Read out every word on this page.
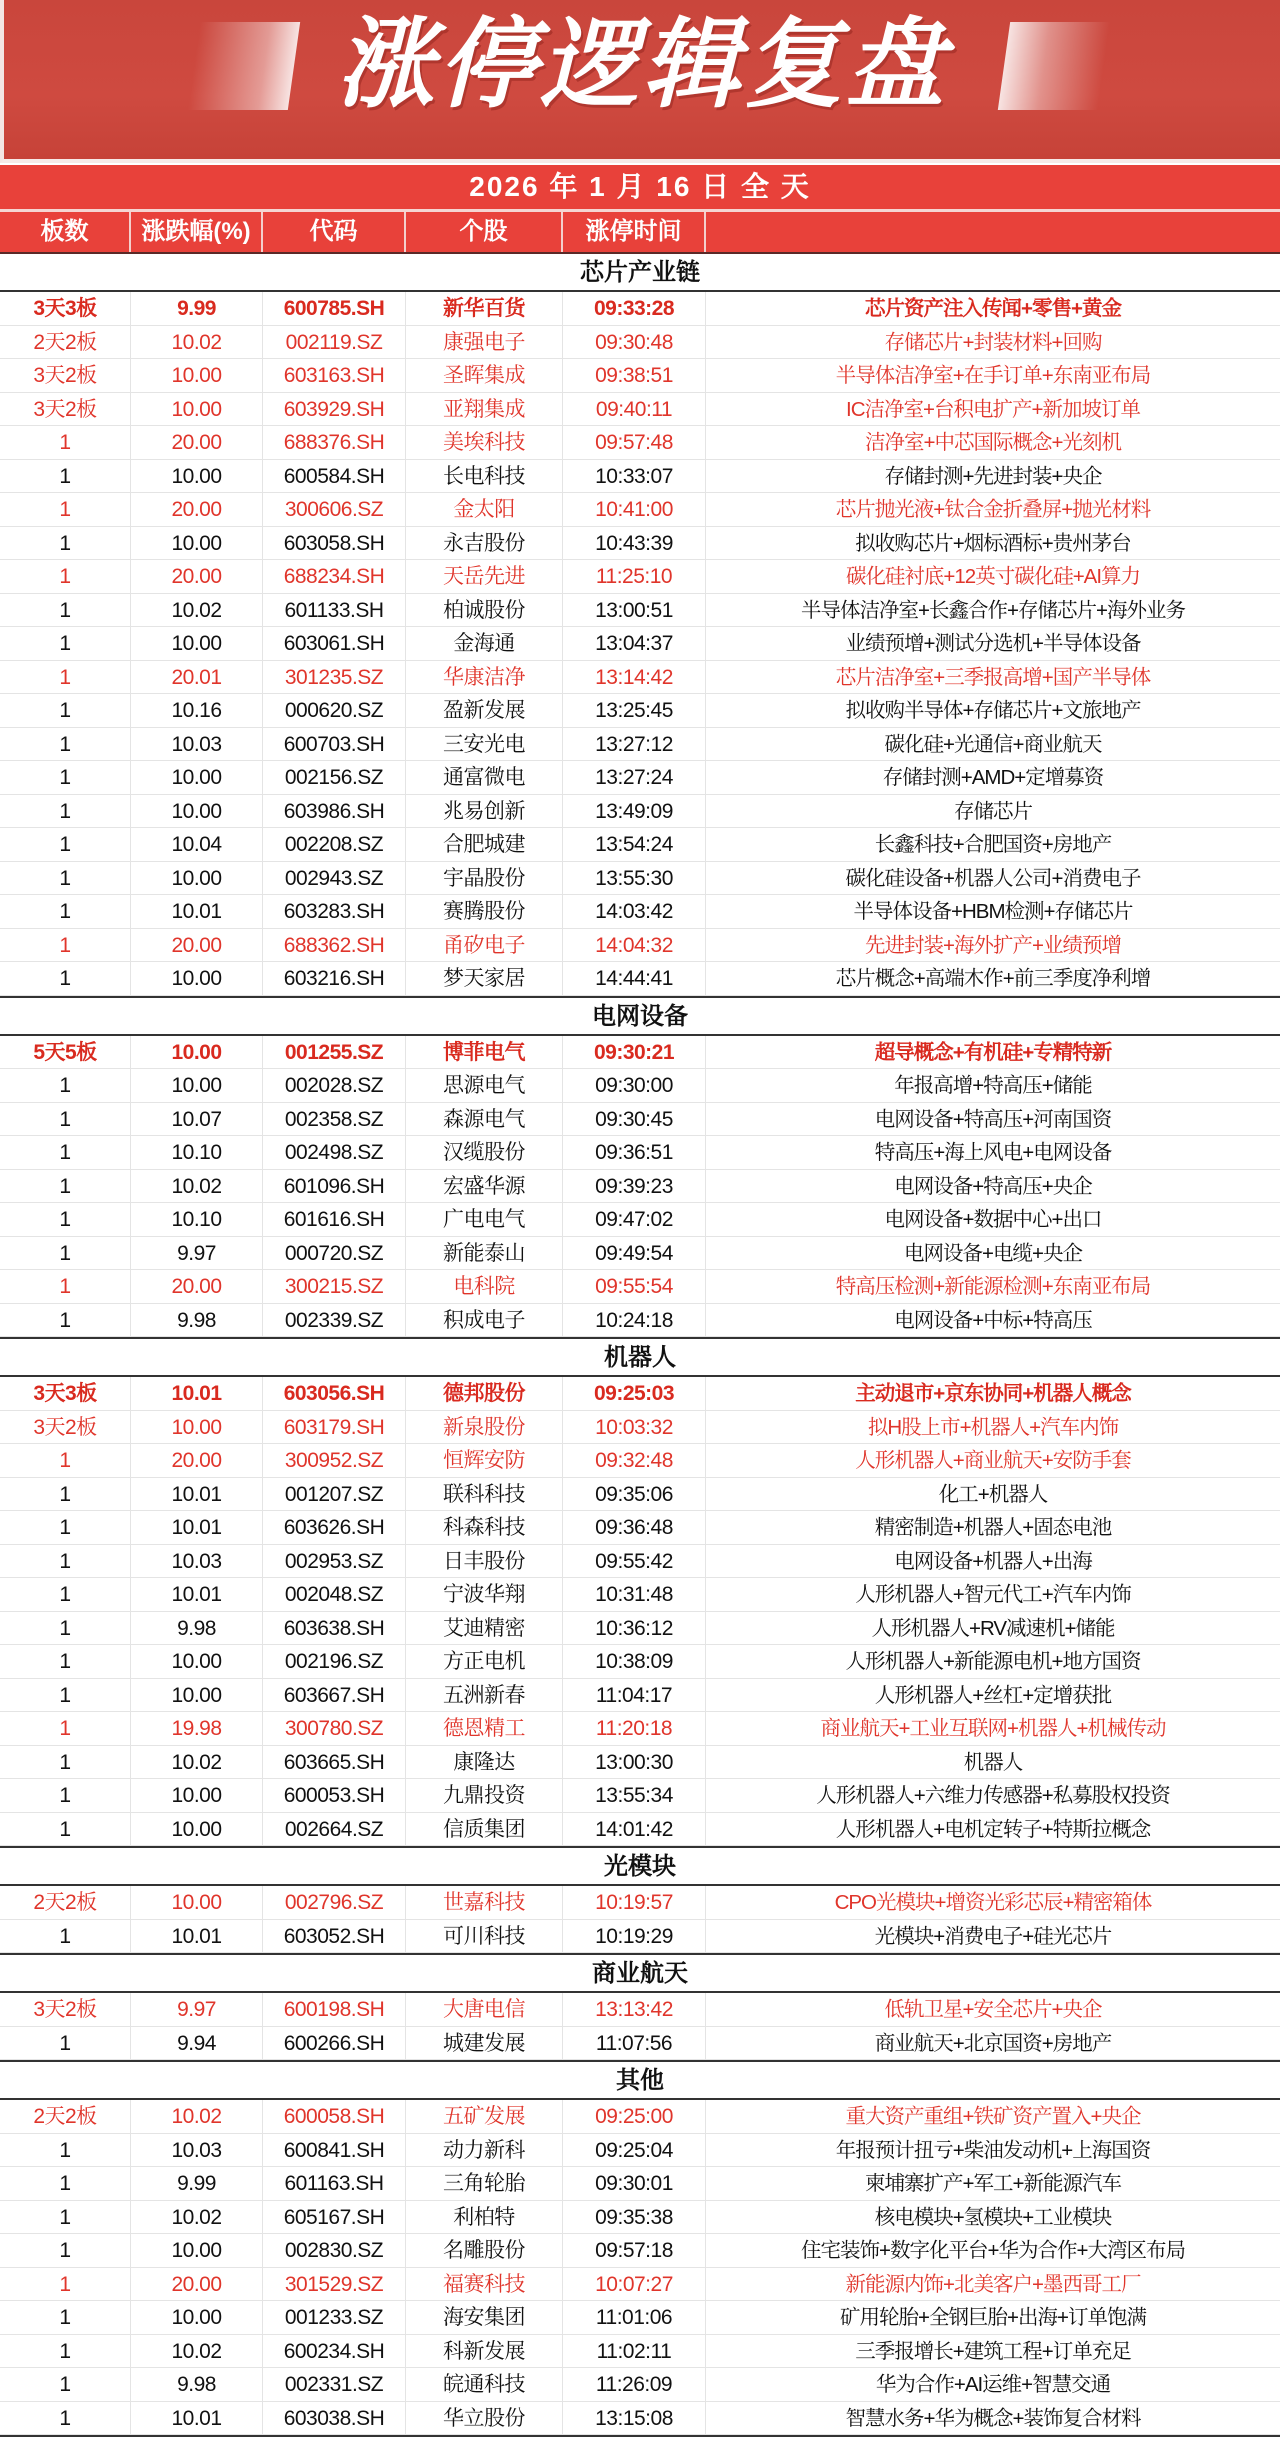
涨停逻辑复盘
2026 年 1 月 16 日 全 天
板数	涨跌幅(%)	代码	个股	涨停时间
芯片产业链
3天3板	9.99	600785.SH	新华百货	09:33:28	芯片资产注入传闻+零售+黄金
2天2板	10.02	002119.SZ	康强电子	09:30:48	存储芯片+封装材料+回购
3天2板	10.00	603163.SH	圣晖集成	09:38:51	半导体洁净室+在手订单+东南亚布局
3天2板	10.00	603929.SH	亚翔集成	09:40:11	IC洁净室+台积电扩产+新加坡订单
1	20.00	688376.SH	美埃科技	09:57:48	洁净室+中芯国际概念+光刻机
1	10.00	600584.SH	长电科技	10:33:07	存储封测+先进封装+央企
1	20.00	300606.SZ	金太阳	10:41:00	芯片抛光液+钛合金折叠屏+抛光材料
1	10.00	603058.SH	永吉股份	10:43:39	拟收购芯片+烟标酒标+贵州茅台
1	20.00	688234.SH	天岳先进	11:25:10	碳化硅衬底+12英寸碳化硅+AI算力
1	10.02	601133.SH	柏诚股份	13:00:51	半导体洁净室+长鑫合作+存储芯片+海外业务
1	10.00	603061.SH	金海通	13:04:37	业绩预增+测试分选机+半导体设备
1	20.01	301235.SZ	华康洁净	13:14:42	芯片洁净室+三季报高增+国产半导体
1	10.16	000620.SZ	盈新发展	13:25:45	拟收购半导体+存储芯片+文旅地产
1	10.03	600703.SH	三安光电	13:27:12	碳化硅+光通信+商业航天
1	10.00	002156.SZ	通富微电	13:27:24	存储封测+AMD+定增募资
1	10.00	603986.SH	兆易创新	13:49:09	存储芯片
1	10.04	002208.SZ	合肥城建	13:54:24	长鑫科技+合肥国资+房地产
1	10.00	002943.SZ	宇晶股份	13:55:30	碳化硅设备+机器人公司+消费电子
1	10.01	603283.SH	赛腾股份	14:03:42	半导体设备+HBM检测+存储芯片
1	20.00	688362.SH	甬矽电子	14:04:32	先进封装+海外扩产+业绩预增
1	10.00	603216.SH	梦天家居	14:44:41	芯片概念+高端木作+前三季度净利增
电网设备
5天5板	10.00	001255.SZ	博菲电气	09:30:21	超导概念+有机硅+专精特新
1	10.00	002028.SZ	思源电气	09:30:00	年报高增+特高压+储能
1	10.07	002358.SZ	森源电气	09:30:45	电网设备+特高压+河南国资
1	10.10	002498.SZ	汉缆股份	09:36:51	特高压+海上风电+电网设备
1	10.02	601096.SH	宏盛华源	09:39:23	电网设备+特高压+央企
1	10.10	601616.SH	广电电气	09:47:02	电网设备+数据中心+出口
1	9.97	000720.SZ	新能泰山	09:49:54	电网设备+电缆+央企
1	20.00	300215.SZ	电科院	09:55:54	特高压检测+新能源检测+东南亚布局
1	9.98	002339.SZ	积成电子	10:24:18	电网设备+中标+特高压
机器人
3天3板	10.01	603056.SH	德邦股份	09:25:03	主动退市+京东协同+机器人概念
3天2板	10.00	603179.SH	新泉股份	10:03:32	拟H股上市+机器人+汽车内饰
1	20.00	300952.SZ	恒辉安防	09:32:48	人形机器人+商业航天+安防手套
1	10.01	001207.SZ	联科科技	09:35:06	化工+机器人
1	10.01	603626.SH	科森科技	09:36:48	精密制造+机器人+固态电池
1	10.03	002953.SZ	日丰股份	09:55:42	电网设备+机器人+出海
1	10.01	002048.SZ	宁波华翔	10:31:48	人形机器人+智元代工+汽车内饰
1	9.98	603638.SH	艾迪精密	10:36:12	人形机器人+RV减速机+储能
1	10.00	002196.SZ	方正电机	10:38:09	人形机器人+新能源电机+地方国资
1	10.00	603667.SH	五洲新春	11:04:17	人形机器人+丝杠+定增获批
1	19.98	300780.SZ	德恩精工	11:20:18	商业航天+工业互联网+机器人+机械传动
1	10.02	603665.SH	康隆达	13:00:30	机器人
1	10.00	600053.SH	九鼎投资	13:55:34	人形机器人+六维力传感器+私募股权投资
1	10.00	002664.SZ	信质集团	14:01:42	人形机器人+电机定转子+特斯拉概念
光模块
2天2板	10.00	002796.SZ	世嘉科技	10:19:57	CPO光模块+增资光彩芯辰+精密箱体
1	10.01	603052.SH	可川科技	10:19:29	光模块+消费电子+硅光芯片
商业航天
3天2板	9.97	600198.SH	大唐电信	13:13:42	低轨卫星+安全芯片+央企
1	9.94	600266.SH	城建发展	11:07:56	商业航天+北京国资+房地产
其他
2天2板	10.02	600058.SH	五矿发展	09:25:00	重大资产重组+铁矿资产置入+央企
1	10.03	600841.SH	动力新科	09:25:04	年报预计扭亏+柴油发动机+上海国资
1	9.99	601163.SH	三角轮胎	09:30:01	柬埔寨扩产+军工+新能源汽车
1	10.02	605167.SH	利柏特	09:35:38	核电模块+氢模块+工业模块
1	10.00	002830.SZ	名雕股份	09:57:18	住宅装饰+数字化平台+华为合作+大湾区布局
1	20.00	301529.SZ	福赛科技	10:07:27	新能源内饰+北美客户+墨西哥工厂
1	10.00	001233.SZ	海安集团	11:01:06	矿用轮胎+全钢巨胎+出海+订单饱满
1	10.02	600234.SH	科新发展	11:02:11	三季报增长+建筑工程+订单充足
1	9.98	002331.SZ	皖通科技	11:26:09	华为合作+AI运维+智慧交通
1	10.01	603038.SH	华立股份	13:15:08	智慧水务+华为概念+装饰复合材料
